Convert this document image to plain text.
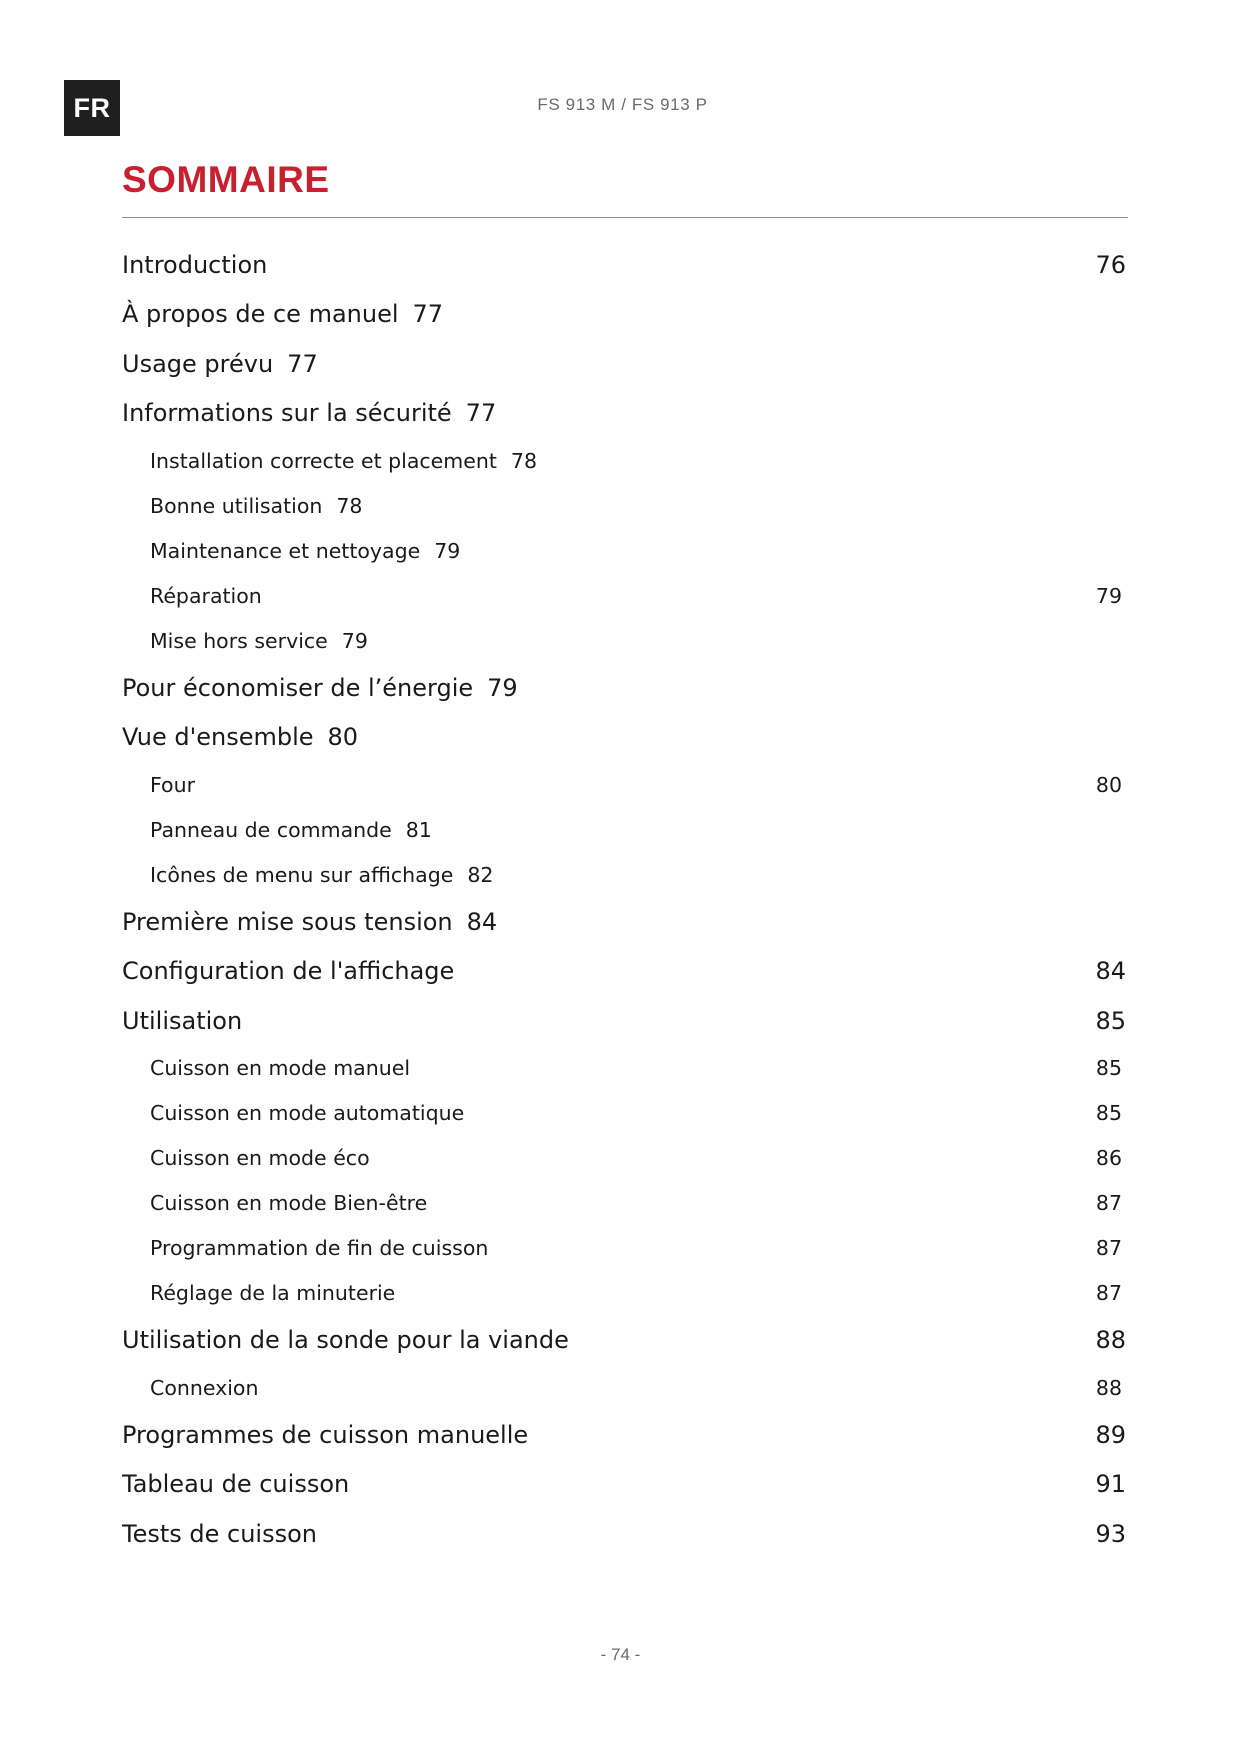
FR	FS 913 M / FS 913 P
SOMMAIRE
Introduction	76
À propos de ce manuel 77
Usage prévu 77
Informations sur la sécurité 77
Installation correcte et placement 78
Bonne utilisation 78
Maintenance et nettoyage 79
Réparation	79
Mise hors service 79
Pour économiser de l’énergie 79
Vue d'ensemble 80
Four	80
Panneau de commande 81
Icônes de menu sur affichage 82
Première mise sous tension 84
Configuration de l'affichage	84
Utilisation	85
Cuisson en mode manuel	85
Cuisson en mode automatique	85
Cuisson en mode éco	86
Cuisson en mode Bien-être	87
Programmation de fin de cuisson	87
Réglage de la minuterie	87
Utilisation de la sonde pour la viande	88
Connexion	88
Programmes de cuisson manuelle	89
Tableau de cuisson	91
Tests de cuisson	93
- 74 -
